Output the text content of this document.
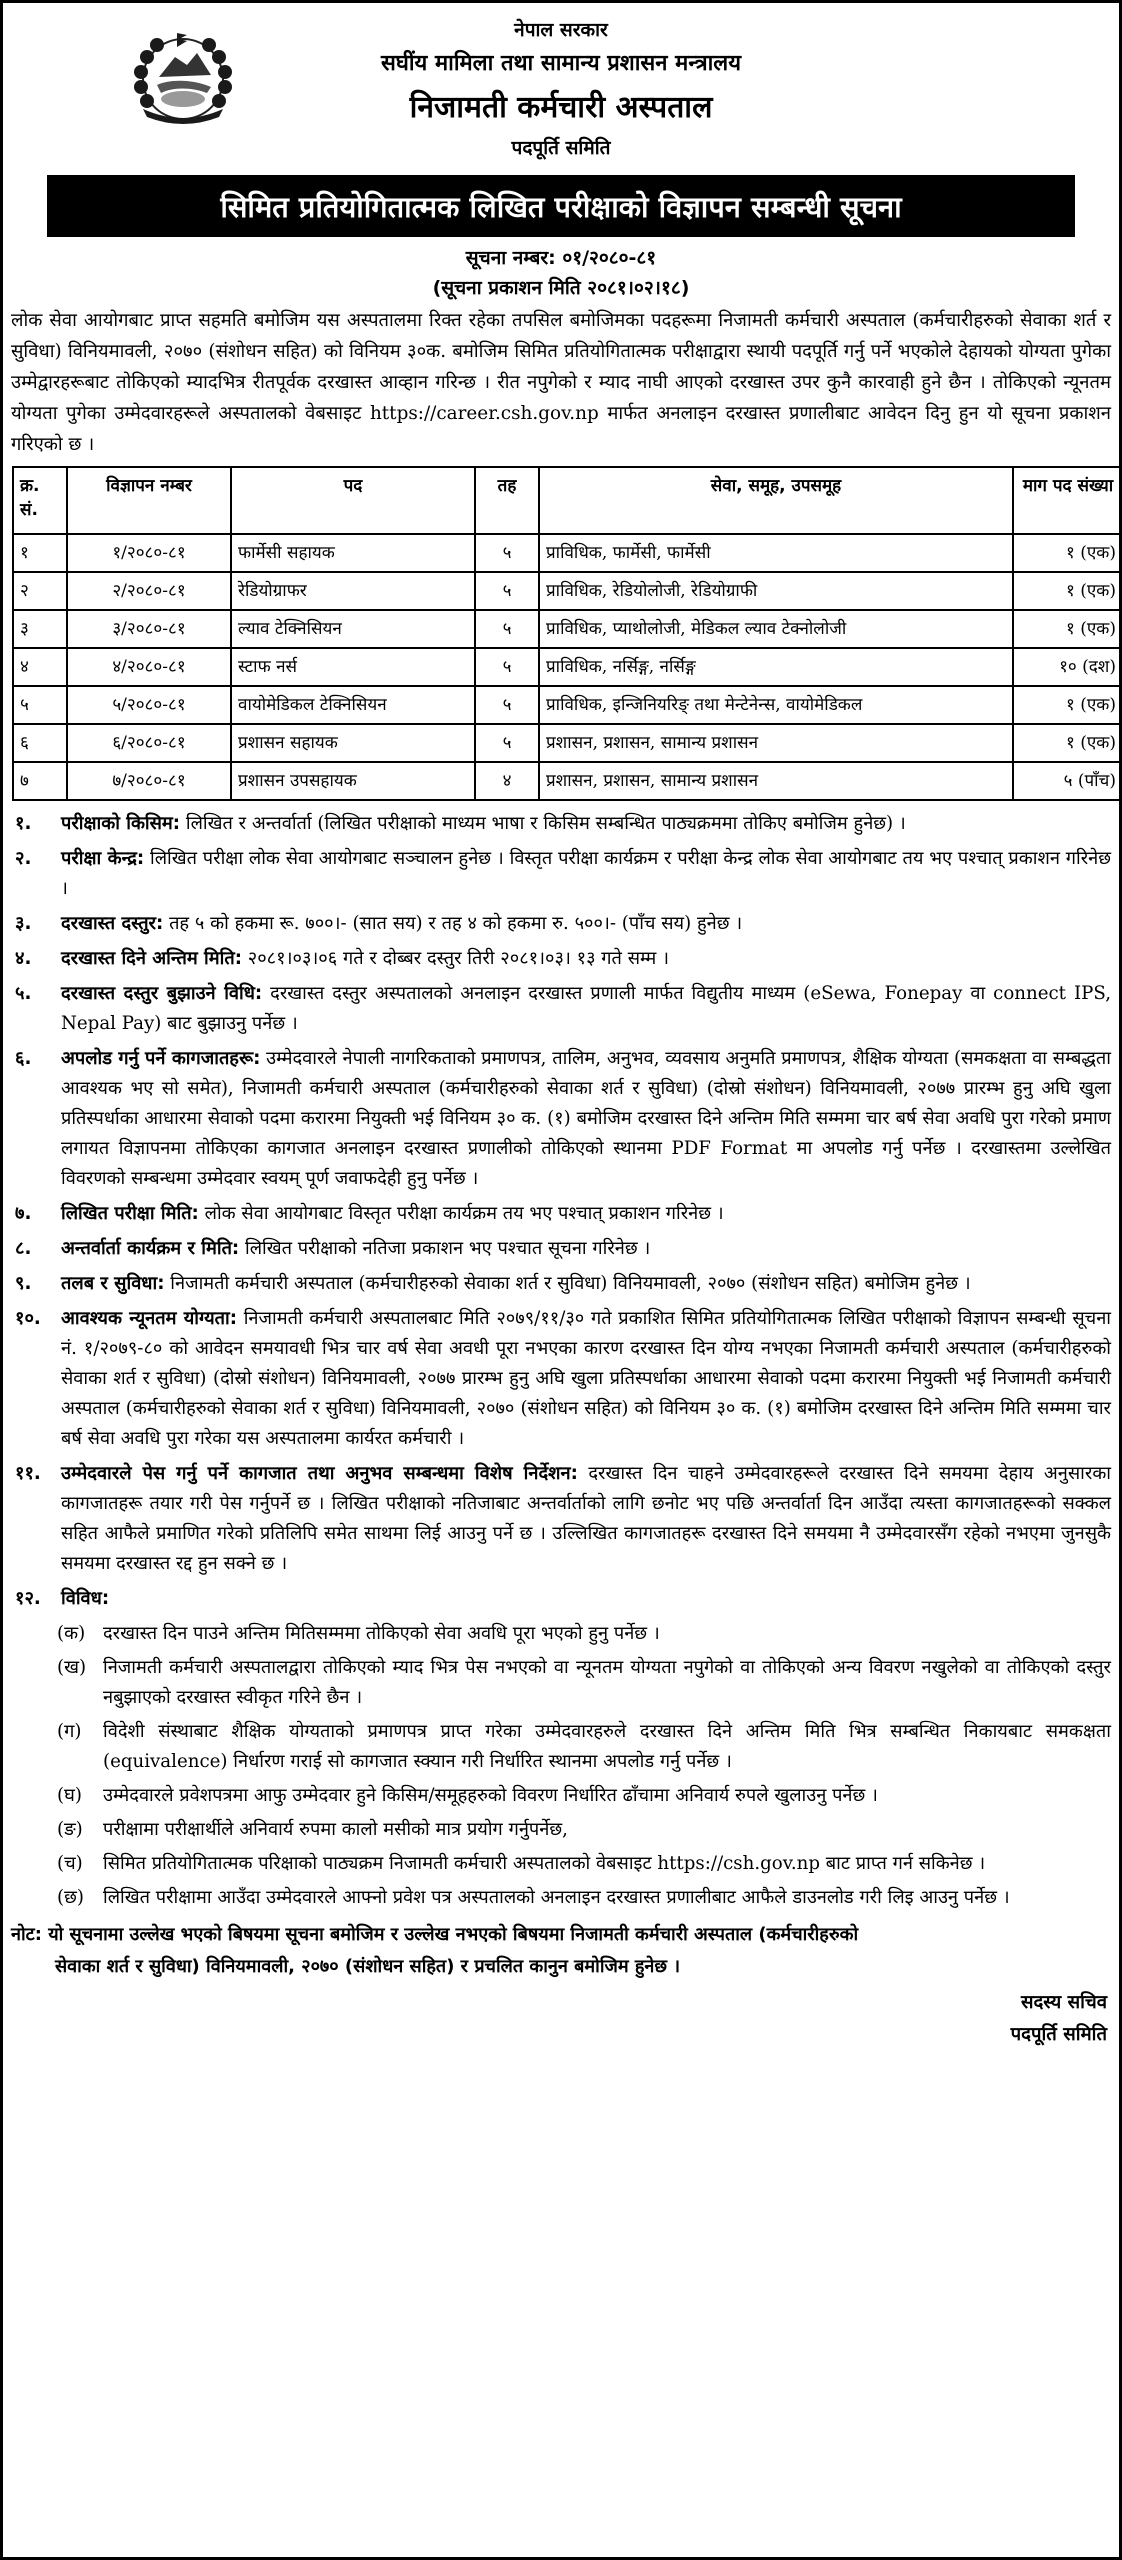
नेपाल सरकार
सघींय मामिला तथा सामान्य प्रशासन मन्त्रालय
निजामती कर्मचारी अस्पताल
पदपूर्ति समिति
सिमित प्रतियोगितात्मक लिखित परीक्षाको विज्ञापन सम्बन्धी सूचना
सूचना नम्बर: ०१/२०८०-८१
(सूचना प्रकाशन मिति २०८१।०२।१८)
लोक सेवा आयोगबाट प्राप्त सहमति बमोजिम यस अस्पतालमा रिक्त रहेका तपसिल बमोजिमका पदहरूमा निजामती कर्मचारी अस्पताल (कर्मचारीहरुको सेवाका शर्त र सुविधा) विनियमावली, २०७० (संशोधन सहित) को विनियम ३०क. बमोजिम सिमित प्रतियोगितात्मक परीक्षाद्वारा स्थायी पदपूर्ति गर्नु पर्ने भएकोले देहायको योग्यता पुगेका उम्मेद्वारहरूबाट तोकिएको म्यादभित्र रीतपूर्वक दरखास्त आव्हान गरिन्छ । रीत नपुगेको र म्याद नाघी आएको दरखास्त उपर कुनै कारवाही हुने छैन । तोकिएको न्यूनतम योग्यता पुगेका उम्मेदवारहरूले अस्पतालको वेबसाइट https://career.csh.gov.np मार्फत अनलाइन दरखास्त प्रणालीबाट आवेदन दिनु हुन यो सूचना प्रकाशन गरिएको छ ।
क्र. सं.	विज्ञापन नम्बर	पद	तह	सेवा, समूह, उपसमूह	माग पद संख्या
१	१/२०८०-८१	फार्मेसी सहायक	५	प्राविधिक, फार्मेसी, फार्मेसी	१ (एक)
२	२/२०८०-८१	रेडियोग्राफर	५	प्राविधिक, रेडियोलोजी, रेडियोग्राफी	१ (एक)
३	३/२०८०-८१	ल्याव टेक्निसियन	५	प्राविधिक, प्याथोलोजी, मेडिकल ल्याव टेक्नोलोजी	१ (एक)
४	४/२०८०-८१	स्टाफ नर्स	५	प्राविधिक, नर्सिङ्ग, नर्सिङ्ग	१० (दश)
५	५/२०८०-८१	वायोमेडिकल टेक्निसियन	५	प्राविधिक, इन्जिनियरिङ् तथा मेन्टेनेन्स, वायोमेडिकल	१ (एक)
६	६/२०८०-८१	प्रशासन सहायक	५	प्रशासन, प्रशासन, सामान्य प्रशासन	१ (एक)
७	७/२०८०-८१	प्रशासन उपसहायक	४	प्रशासन, प्रशासन, सामान्य प्रशासन	५ (पाँच)
१.	परीक्षाको किसिम: लिखित र अन्तर्वार्ता (लिखित परीक्षाको माध्यम भाषा र किसिम सम्बन्धित पाठ्यक्रममा तोकिए बमोजिम हुनेछ) ।
२.	परीक्षा केन्द्र: लिखित परीक्षा लोक सेवा आयोगबाट सञ्चालन हुनेछ । विस्तृत परीक्षा कार्यक्रम र परीक्षा केन्द्र लोक सेवा आयोगबाट तय भए पश्चात् प्रकाशन गरिनेछ ।
३.	दरखास्त दस्तुर: तह ५ को हकमा रू. ७००।- (सात सय) र तह ४ को हकमा रु. ५००।- (पाँच सय) हुनेछ ।
४.	दरखास्त दिने अन्तिम मिति: २०८१।०३।०६ गते र दोब्बर दस्तुर तिरी २०८१।०३। १३ गते सम्म ।
५.	दरखास्त दस्तुर बुझाउने विधि: दरखास्त दस्तुर अस्पतालको अनलाइन दरखास्त प्रणाली मार्फत विद्युतीय माध्यम (eSewa, Fonepay वा connect IPS, Nepal Pay) बाट बुझाउनु पर्नेछ ।
६.	अपलोड गर्नु पर्ने कागजातहरू: उम्मेदवारले नेपाली नागरिकताको प्रमाणपत्र, तालिम, अनुभव, व्यवसाय अनुमति प्रमाणपत्र, शैक्षिक योग्यता (समकक्षता वा सम्बद्धता आवश्यक भए सो समेत), निजामती कर्मचारी अस्पताल (कर्मचारीहरुको सेवाका शर्त र सुविधा) (दोस्रो संशोधन) विनियमावली, २०७७ प्रारम्भ हुनु अघि खुला प्रतिस्पर्धाका आधारमा सेवाको पदमा करारमा नियुक्ती भई विनियम ३० क. (१) बमोजिम दरखास्त दिने अन्तिम मिति सम्ममा चार बर्ष सेवा अवधि पुरा गरेको प्रमाण लगायत विज्ञापनमा तोकिएका कागजात अनलाइन दरखास्त प्रणालीको तोकिएको स्थानमा PDF Format मा अपलोड गर्नु पर्नेछ । दरखास्तमा उल्लेखित विवरणको सम्बन्धमा उम्मेदवार स्वयम् पूर्ण जवाफदेही हुनु पर्नेछ ।
७.	लिखित परीक्षा मिति: लोक सेवा आयोगबाट विस्तृत परीक्षा कार्यक्रम तय भए पश्चात् प्रकाशन गरिनेछ ।
८.	अन्तर्वार्ता कार्यक्रम र मिति: लिखित परीक्षाको नतिजा प्रकाशन भए पश्चात सूचना गरिनेछ ।
९.	तलब र सुविधा: निजामती कर्मचारी अस्पताल (कर्मचारीहरुको सेवाका शर्त र सुविधा) विनियमावली, २०७० (संशोधन सहित) बमोजिम हुनेछ ।
१०.	आवश्यक न्यूनतम योग्यता: निजामती कर्मचारी अस्पतालबाट मिति २०७९/११/३० गते प्रकाशित सिमित प्रतियोगितात्मक लिखित परीक्षाको विज्ञापन सम्बन्धी सूचना नं. १/२०७९-८० को आवेदन समयावधी भित्र चार वर्ष सेवा अवधी पूरा नभएका कारण दरखास्त दिन योग्य नभएका निजामती कर्मचारी अस्पताल (कर्मचारीहरुको सेवाका शर्त र सुविधा) (दोस्रो संशोधन) विनियमावली, २०७७ प्रारम्भ हुनु अघि खुला प्रतिस्पर्धाका आधारमा सेवाको पदमा करारमा नियुक्ती भई निजामती कर्मचारी अस्पताल (कर्मचारीहरुको सेवाका शर्त र सुविधा) विनियमावली, २०७० (संशोधन सहित) को विनियम ३० क. (१) बमोजिम दरखास्त दिने अन्तिम मिति सम्ममा चार बर्ष सेवा अवधि पुरा गरेका यस अस्पतालमा कार्यरत कर्मचारी ।
११.	उम्मेदवारले पेस गर्नु पर्ने कागजात तथा अनुभव सम्बन्धमा विशेष निर्देशन: दरखास्त दिन चाहने उम्मेदवारहरूले दरखास्त दिने समयमा देहाय अनुसारका कागजातहरू तयार गरी पेस गर्नुपर्ने छ । लिखित परीक्षाको नतिजाबाट अन्तर्वार्ताको लागि छनोट भए पछि अन्तर्वार्ता दिन आउँदा त्यस्ता कागजातहरूको सक्कल सहित आफैले प्रमाणित गरेको प्रतिलिपि समेत साथमा लिई आउनु पर्ने छ । उल्लिखित कागजातहरू दरखास्त दिने समयमा नै उम्मेदवारसँग रहेको नभएमा जुनसुकै समयमा दरखास्त रद्द हुन सक्ने छ ।
१२.	विविध:
(क) दरखास्त दिन पाउने अन्तिम मितिसम्ममा तोकिएको सेवा अवधि पूरा भएको हुनु पर्नेछ ।
(ख) निजामती कर्मचारी अस्पतालद्वारा तोकिएको म्याद भित्र पेस नभएको वा न्यूनतम योग्यता नपुगेको वा तोकिएको अन्य विवरण नखुलेको वा तोकिएको दस्तुर नबुझाएको दरखास्त स्वीकृत गरिने छैन ।
(ग)	विदेशी संस्थाबाट शैक्षिक योग्यताको प्रमाणपत्र प्राप्त गरेका उम्मेदवारहरुले दरखास्त दिने अन्तिम मिति भित्र सम्बन्धित निकायबाट समकक्षता (equivalence) निर्धारण गराई सो कागजात स्क्यान गरी निर्धारित स्थानमा अपलोड गर्नु पर्नेछ ।
(घ)	उम्मेदवारले प्रवेशपत्रमा आफु उम्मेदवार हुने किसिम/समूहहरुको विवरण निर्धारित ढाँचामा अनिवार्य रुपले खुलाउनु पर्नेछ ।
(ङ)	परीक्षामा परीक्षार्थीले अनिवार्य रुपमा कालो मसीको मात्र प्रयोग गर्नुपर्नेछ,
(च)	सिमित प्रतियोगितात्मक परिक्षाको पाठ्यक्रम निजामती कर्मचारी अस्पतालको वेबसाइट https://csh.gov.np बाट प्राप्त गर्न सकिनेछ ।
(छ)	लिखित परीक्षामा आउँदा उम्मेदवारले आफ्नो प्रवेश पत्र अस्पतालको अनलाइन दरखास्त प्रणालीबाट आफैले डाउनलोड गरी लिइ आउनु पर्नेछ ।
नोट: यो सूचनामा उल्लेख भएको बिषयमा सूचना बमोजिम र उल्लेख नभएको बिषयमा निजामती कर्मचारी अस्पताल (कर्मचारीहरुको
सेवाका शर्त र सुविधा) विनियमावली, २०७० (संशोधन सहित) र प्रचलित कानुन बमोजिम हुनेछ ।
सदस्य सचिव
पदपूर्ति समिति
